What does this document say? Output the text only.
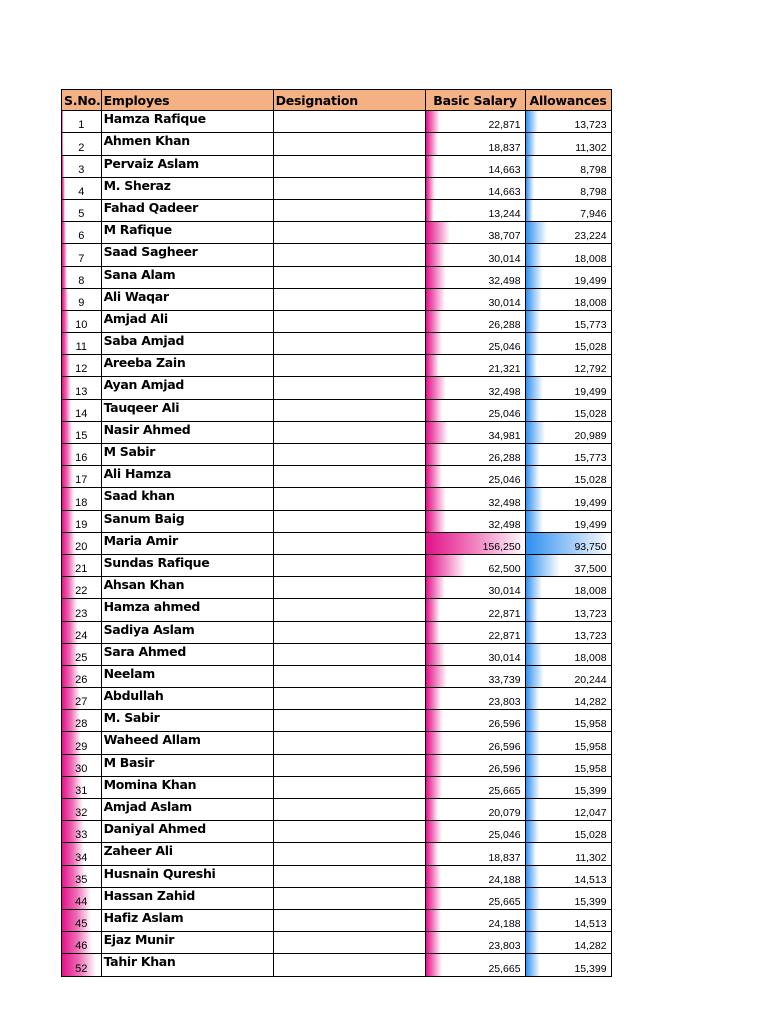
S.No.	Employes	Designation	Basic Salary	Allowances

1	Hamza Rafique		22,871	13,723

2	Ahmen Khan		18,837	11,302

3	Pervaiz Aslam		14,663	8,798

4	M. Sheraz		14,663	8,798

5	Fahad Qadeer		13,244	7,946

6	M Rafique		38,707	23,224

7	Saad Sagheer		30,014	18,008

8	Sana Alam		32,498	19,499

9	Ali Waqar		30,014	18,008

10	Amjad Ali		26,288	15,773

11	Saba Amjad		25,046	15,028

12	Areeba Zain		21,321	12,792

13	Ayan Amjad		32,498	19,499

14	Tauqeer Ali		25,046	15,028

15	Nasir Ahmed		34,981	20,989

16	M Sabir		26,288	15,773

17	Ali Hamza		25,046	15,028

18	Saad khan		32,498	19,499

19	Sanum Baig		32,498	19,499

20	Maria Amir		156,250	93,750

21	Sundas Rafique		62,500	37,500

22	Ahsan Khan		30,014	18,008

23	Hamza ahmed		22,871	13,723

24	Sadiya Aslam		22,871	13,723

25	Sara Ahmed		30,014	18,008

26	Neelam		33,739	20,244

27	Abdullah		23,803	14,282

28	M. Sabir		26,596	15,958

29	Waheed Allam		26,596	15,958

30	M Basir		26,596	15,958

31	Momina Khan		25,665	15,399

32	Amjad Aslam		20,079	12,047

33	Daniyal Ahmed		25,046	15,028

34	Zaheer Ali		18,837	11,302

35	Husnain Qureshi		24,188	14,513

44	Hassan Zahid		25,665	15,399

45	Hafiz Aslam		24,188	14,513

46	Ejaz Munir		23,803	14,282

52	Tahir Khan		25,665	15,399
